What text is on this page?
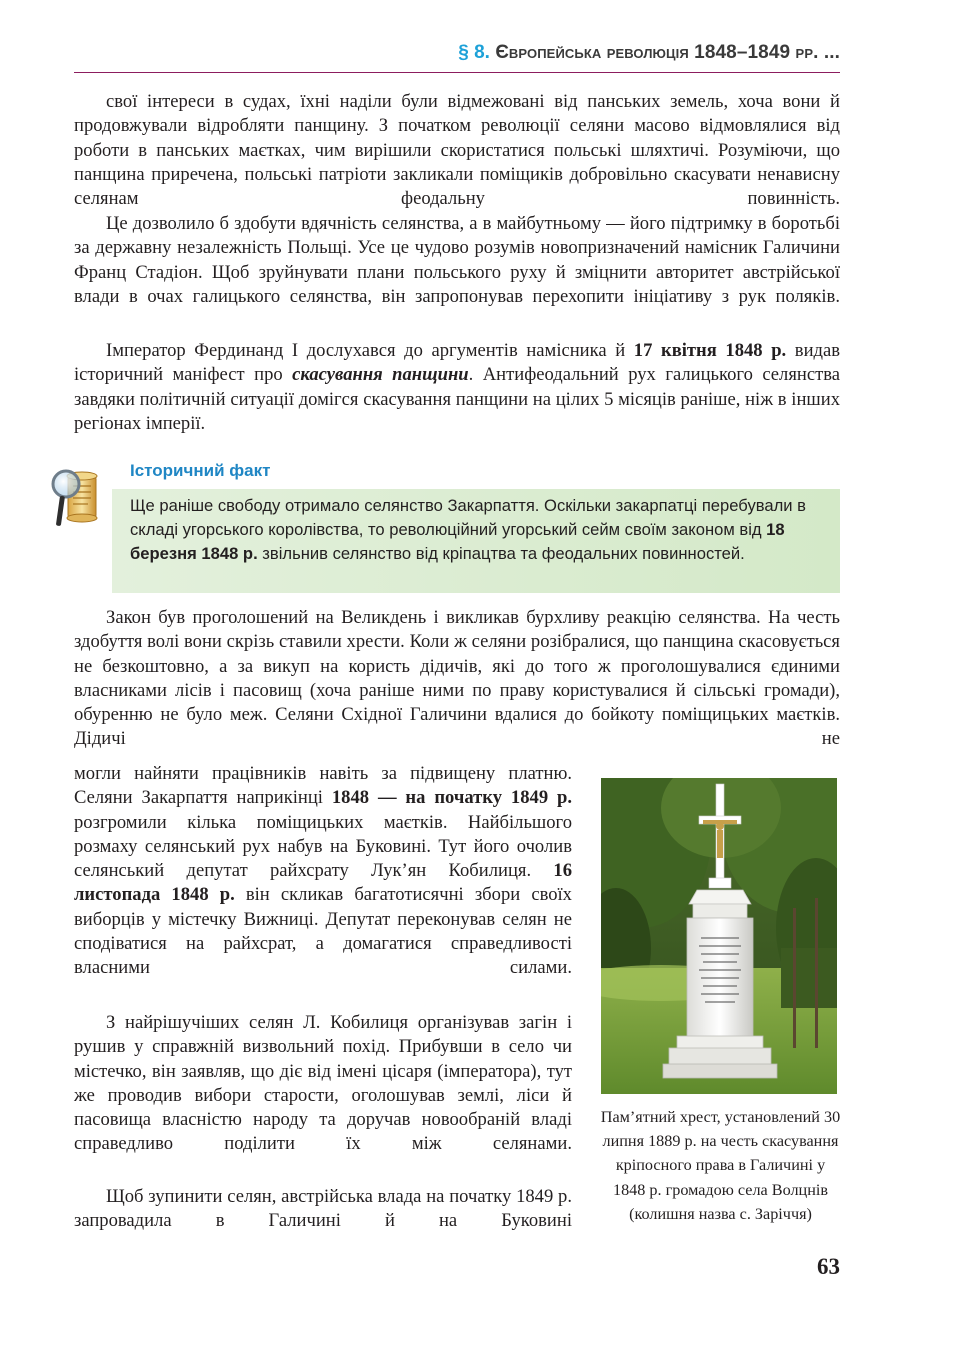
§ 8. Європейська революція 1848–1849 рр. ...

свої інтереси в судах, їхні наділи були відмежовані від панських земель, хоча вони й продовжували відробляти панщину. З початком революції селяни масово відмовлялися від роботи в панських маєтках, чим вирішили скористатися польські шляхтичі. Розуміючи, що панщина приречена, польські патріоти закликали поміщиків добровільно скасувати ненависну селянам феодальну повинність.

Це дозволило б здобути вдячність селянства, а в майбутньому — його підтримку в боротьбі за державну незалежність Польщі. Усе це чудово розумів новопризначений намісник Галичини Франц Стадіон. Щоб зруйнувати плани польського руху й зміцнити авторитет австрійської влади в очах галицького селянства, він запропонував перехопити ініціативу з рук поляків.

Імператор Фердинанд I дослухався до аргументів намісника й 17 квітня 1848 р. видав історичний маніфест про скасування панщини. Антифеодальний рух галицького селянства завдяки політичній ситуації домігся скасування панщини на цілих 5 місяців раніше, ніж в інших регіонах імперії.

Історичний факт
Ще раніше свободу отримало селянство Закарпаття. Оскільки закарпатці перебували в складі угорського королівства, то революційний угорський сейм своїм законом від 18 березня 1848 р. звільнив селянство від кріпацтва та феодальних повинностей.

Закон був проголошений на Великдень і викликав бурхливу реакцію селянства. На честь здобуття волі вони скрізь ставили хрести. Коли ж селяни розібралися, що панщина скасовується не безкоштовно, а за викуп на користь дідичів, які до того ж проголошувалися єдиними власниками лісів і пасовищ (хоча раніше ними по праву користувалися й сільські громади), обуренню не було меж. Селяни Східної Галичини вдалися до бойкоту поміщицьких маєтків. Дідичі не

могли найняти працівників навіть за підвищену платню. Селяни Закарпаття наприкінці 1848 — на початку 1849 р. розгромили кілька поміщицьких маєтків. Найбільшого розмаху селянський рух набув на Буковині. Тут його очолив селянський депутат райхсрату Лук’ян Кобилиця. 16 листопада 1848 р. він скликав багатотисячні збори своїх виборців у містечку Вижниці. Депутат переконував селян не сподіватися на райхсрат, а домагатися справедливості власними силами.

З найрішучіших селян Л. Кобилиця організував загін і рушив у справжній визвольний похід. Прибувши в село чи містечко, він заявляв, що діє від імені цісаря (імператора), тут же проводив вибори старости, оголошував землі, ліси й пасовища власністю народу та доручав новообраній владі справедливо поділити їх між селянами.

Щоб зупинити селян, австрійська влада на початку 1849 р. запровадила в Галичині й на Буковині

Пам’ятний хрест, установлений 30 липня 1889 р. на честь скасування кріпосного права в Галичині у 1848 р. громадою села Волцнів (колишня назва с. Заріччя)
63
